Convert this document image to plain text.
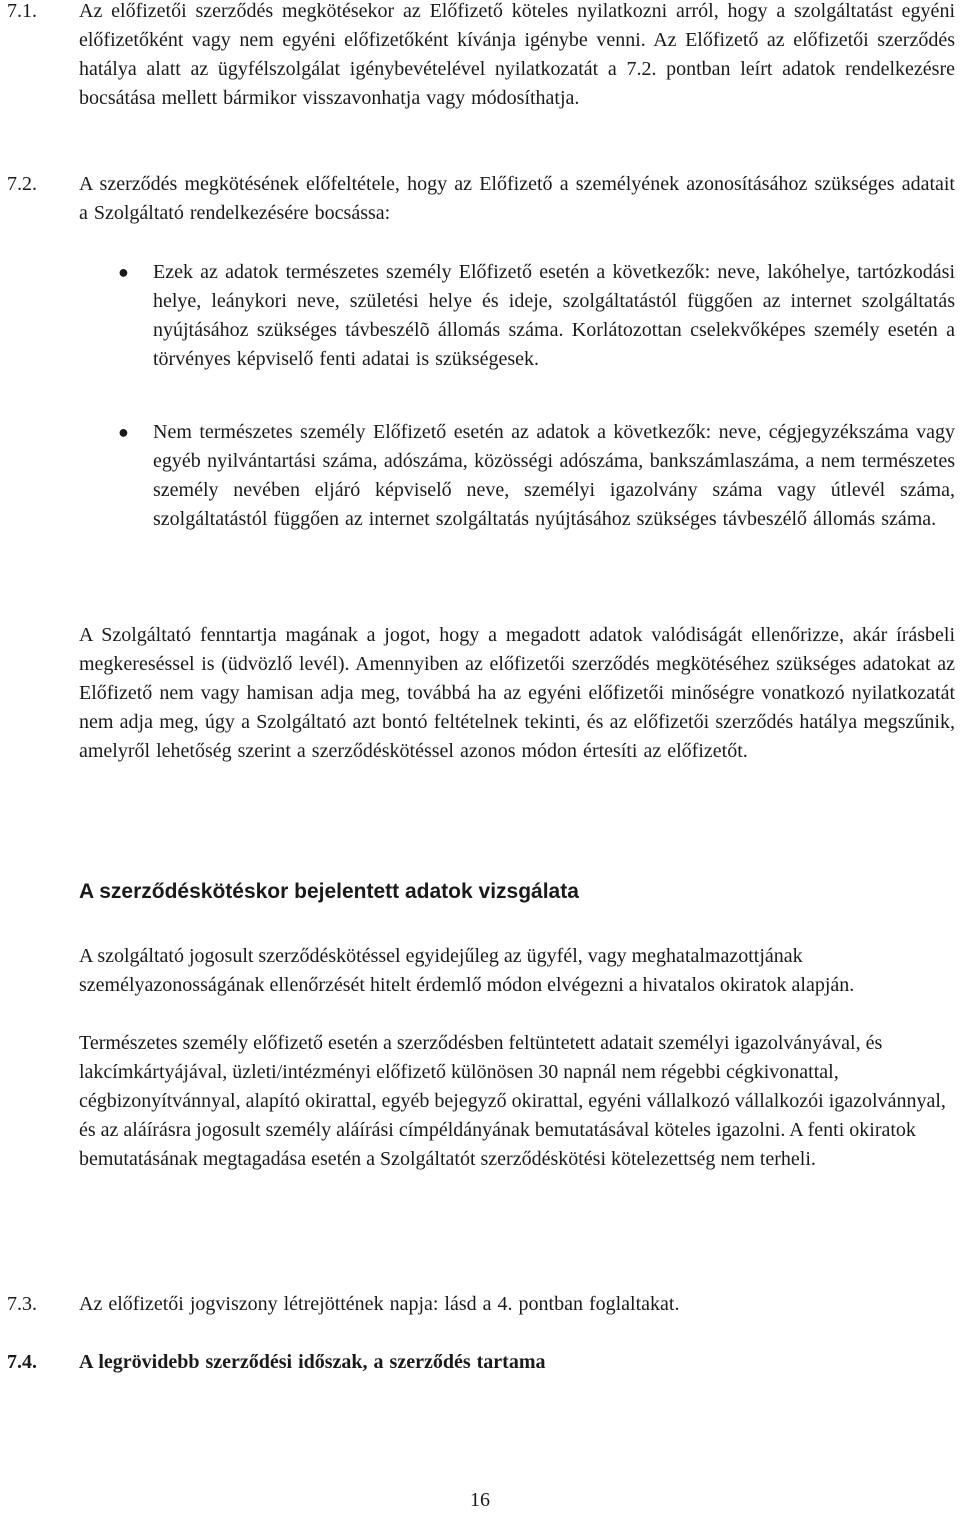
7.1. Az előfizetői szerződés megkötésekor az Előfizető köteles nyilatkozni arról, hogy a szolgáltatást egyéni előfizetőként vagy nem egyéni előfizetőként kívánja igénybe venni. Az Előfizető az előfizetői szerződés hatálya alatt az ügyfélszolgálat igénybevételével nyilatkozatát a 7.2. pontban leírt adatok rendelkezésre bocsátása mellett bármikor visszavonhatja vagy módosíthatja.

7.2. A szerződés megkötésének előfeltétele, hogy az Előfizető a személyének azonosításához szükséges adatait a Szolgáltató rendelkezésére bocsássa:

● Ezek az adatok természetes személy Előfizető esetén a következők: neve, lakóhelye, tartózkodási helye, leánykori neve, születési helye és ideje, szolgáltatástól függően az internet szolgáltatás nyújtásához szükséges távbeszélõ állomás száma. Korlátozottan cselekvőképes személy esetén a törvényes képviselő fenti adatai is szükségesek.

● Nem természetes személy Előfizető esetén az adatok a következők: neve, cégjegyzékszáma vagy egyéb nyilvántartási száma, adószáma, közösségi adószáma, bankszámlaszáma, a nem természetes személy nevében eljáró képviselő neve, személyi igazolvány száma vagy útlevél száma, szolgáltatástól függően az internet szolgáltatás nyújtásához szükséges távbeszélő állomás száma.

A Szolgáltató fenntartja magának a jogot, hogy a megadott adatok valódiságát ellenőrizze, akár írásbeli megkereséssel is (üdvözlő levél). Amennyiben az előfizetői szerződés megkötéséhez szükséges adatokat az Előfizető nem vagy hamisan adja meg, továbbá ha az egyéni előfizetői minőségre vonatkozó nyilatkozatát nem adja meg, úgy a Szolgáltató azt bontó feltételnek tekinti, és az előfizetői szerződés hatálya megszűnik, amelyről lehetőség szerint a szerződéskötéssel azonos módon értesíti az előfizetőt.

A szerződéskötéskor bejelentett adatok vizsgálata

A szolgáltató jogosult szerződéskötéssel egyidejűleg az ügyfél, vagy meghatalmazottjának személyazonosságának ellenőrzését hitelt érdemlő módon elvégezni a hivatalos okiratok alapján.

Természetes személy előfizető esetén a szerződésben feltüntetett adatait személyi igazolványával, és lakcímkártyájával, üzleti/intézményi előfizető különösen 30 napnál nem régebbi cégkivonattal, cégbizonyítvánnyal, alapító okirattal, egyéb bejegyző okirattal, egyéni vállalkozó vállalkozói igazolvánnyal, és az aláírásra jogosult személy aláírási címpéldányának bemutatásával köteles igazolni. A fenti okiratok bemutatásának megtagadása esetén a Szolgáltatót szerződéskötési kötelezettség nem terheli.

7.3. Az előfizetői jogviszony létrejöttének napja: lásd a 4. pontban foglaltakat.

7.4. A legrövidebb szerződési időszak, a szerződés tartama

16
